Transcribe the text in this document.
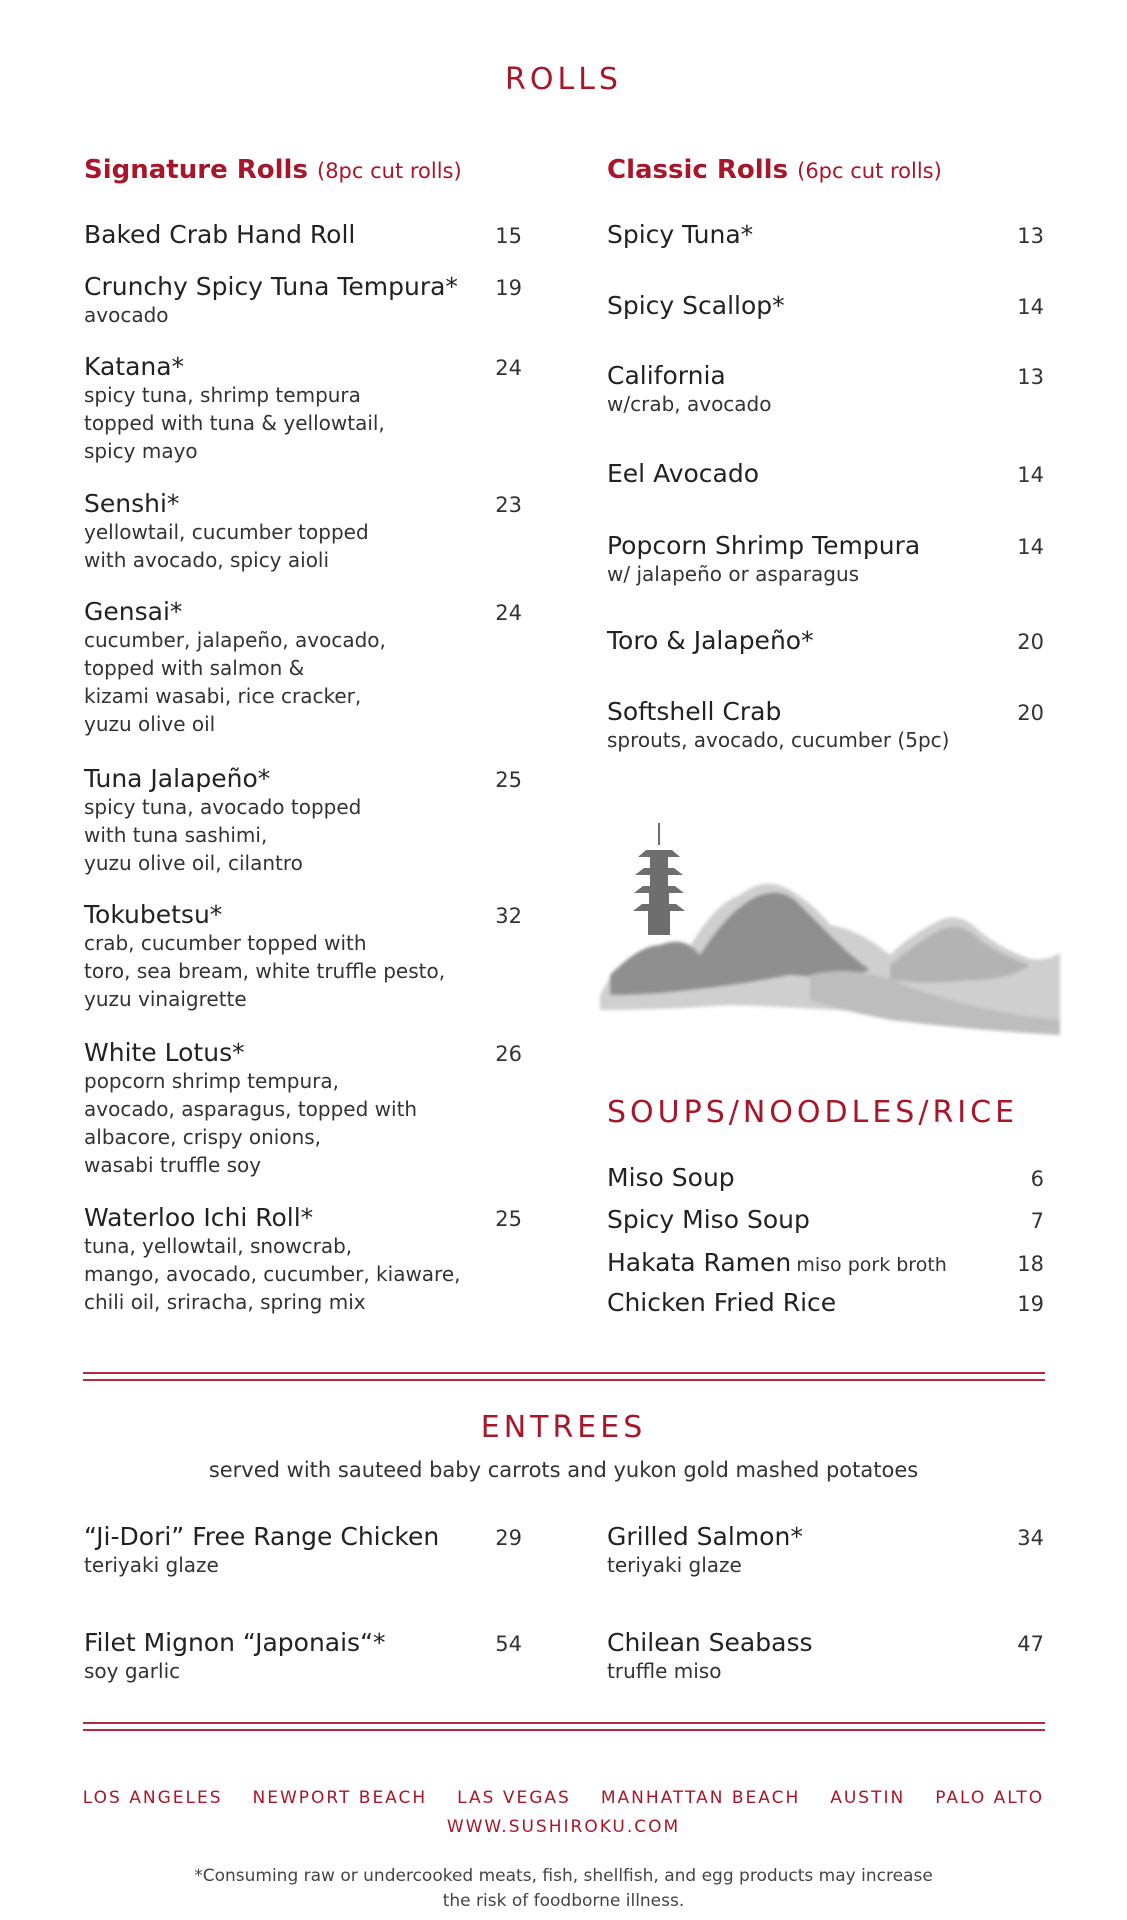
ROLLS
Signature Rolls (8pc cut rolls)	Classic Rolls (6pc cut rolls)
Baked Crab Hand Roll	15
Crunchy Spicy Tuna Tempura* 19
avocado
Katana*	24
spicy tuna, shrimp tempura
topped with tuna & yellowtail,
spicy mayo
Senshi*	23
yellowtail, cucumber topped
with avocado, spicy aioli
Gensai*	24
cucumber, jalapeño, avocado,
topped with salmon &
kizami wasabi, rice cracker,
yuzu olive oil
Tuna Jalapeño*	25
spicy tuna, avocado topped
with tuna sashimi,
yuzu olive oil, cilantro
Tokubetsu*	32
crab, cucumber topped with
toro, sea bream, white truffle pesto,
yuzu vinaigrette
White Lotus*	26
popcorn shrimp tempura,
avocado, asparagus, topped with
albacore, crispy onions,
wasabi truffle soy
Waterloo Ichi Roll*	25
tuna, yellowtail, snowcrab,
mango, avocado, cucumber, kiaware,
chili oil, sriracha, spring mix
Spicy Tuna*	13
Spicy Scallop*	14
California	13
w/crab, avocado
Eel Avocado	14
Popcorn Shrimp Tempura	14
w/ jalapeño or asparagus
Toro & Jalapeño*	20
Softshell Crab	20
sprouts, avocado, cucumber (5pc)
SOUPS/NOODLES/RICE
Miso Soup	6
Spicy Miso Soup	7
Hakata Ramen miso pork broth	18
Chicken Fried Rice	19
ENTREES
served with sauteed baby carrots and yukon gold mashed potatoes
“Ji-Dori” Free Range Chicken	29
teriyaki glaze
Grilled Salmon*	34
teriyaki glaze
Filet Mignon “Japonais“*	54
soy garlic
Chilean Seabass	47
truffle miso
LOS ANGELES NEWPORT BEACH LAS VEGAS MANHATTAN BEACH AUSTIN PALO ALTO
WWW.SUSHIROKU.COM
*Consuming raw or undercooked meats, fish, shellfish, and egg products may increase
the risk of foodborne illness.
